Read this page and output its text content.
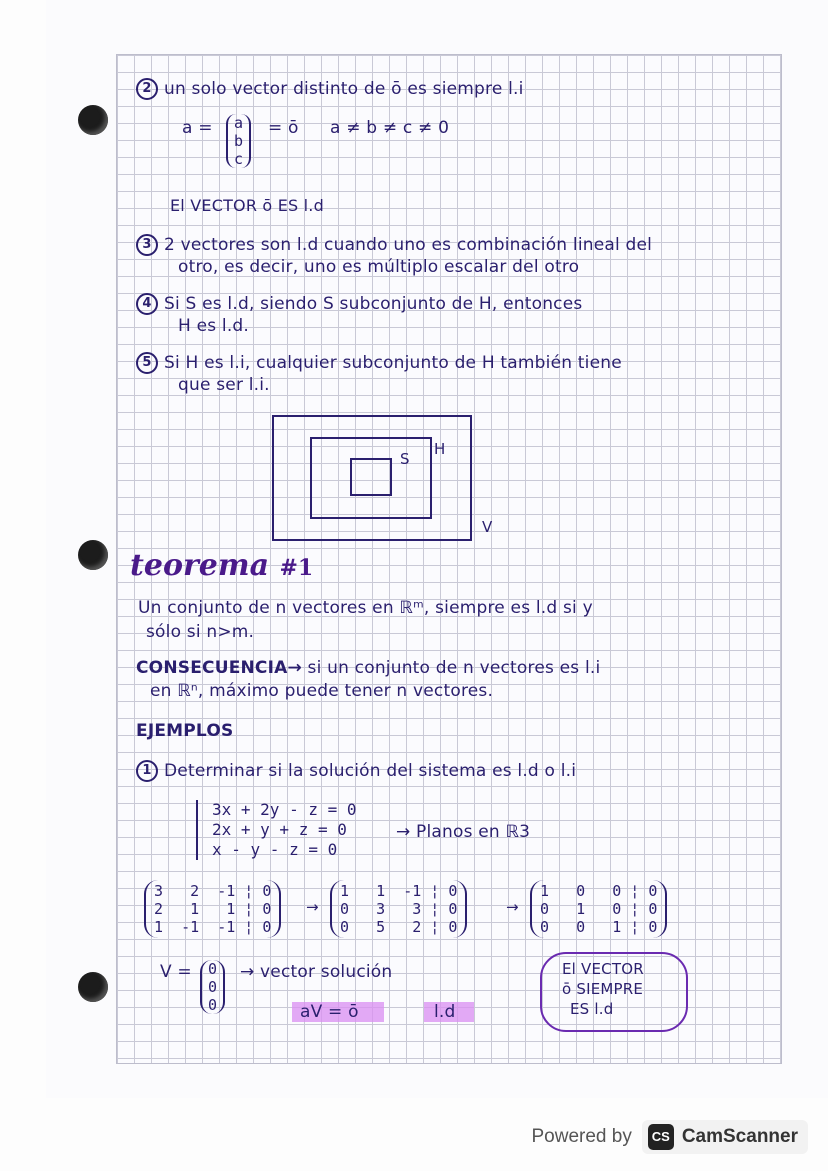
2 un solo vector distinto de ō es siempre l.i
a = a
b
c
= ō a ≠ b ≠ c ≠ 0
El VECTOR ō ES l.d
3 2 vectores son l.d cuando uno es combinación lineal del
otro, es decir, uno es múltiplo escalar del otro
4 Si S es l.d, siendo S subconjunto de H, entonces
H es l.d.
5 Si H es l.i, cualquier subconjunto de H también tiene
que ser l.i.
S
H
V
teorema #1
Un conjunto de n vectores en ℝᵐ, siempre es l.d si y
sólo si n>m.
CONSECUENCIA→ si un conjunto de n vectores es l.i
en ℝⁿ, máximo puede tener n vectores.
EJEMPLOS
1 Determinar si la solución del sistema es l.d o l.i
3x + 2y - z = 0
2x + y + z = 0
x - y - z = 0
→ Planos en ℝ3
3   2  -1 ¦ 0
2   1   1 ¦ 0
1  -1  -1 ¦ 0
→
1   1  -1 ¦ 0
0   3   3 ¦ 0
0   5   2 ¦ 0
→
1   0   0 ¦ 0
0   1   0 ¦ 0
0   0   1 ¦ 0
V = 0
0
0
→ vector solución
aV = ō	l.d
El VECTOR
ō SIEMPRE
ES l.d
Powered by	CS CamScanner
